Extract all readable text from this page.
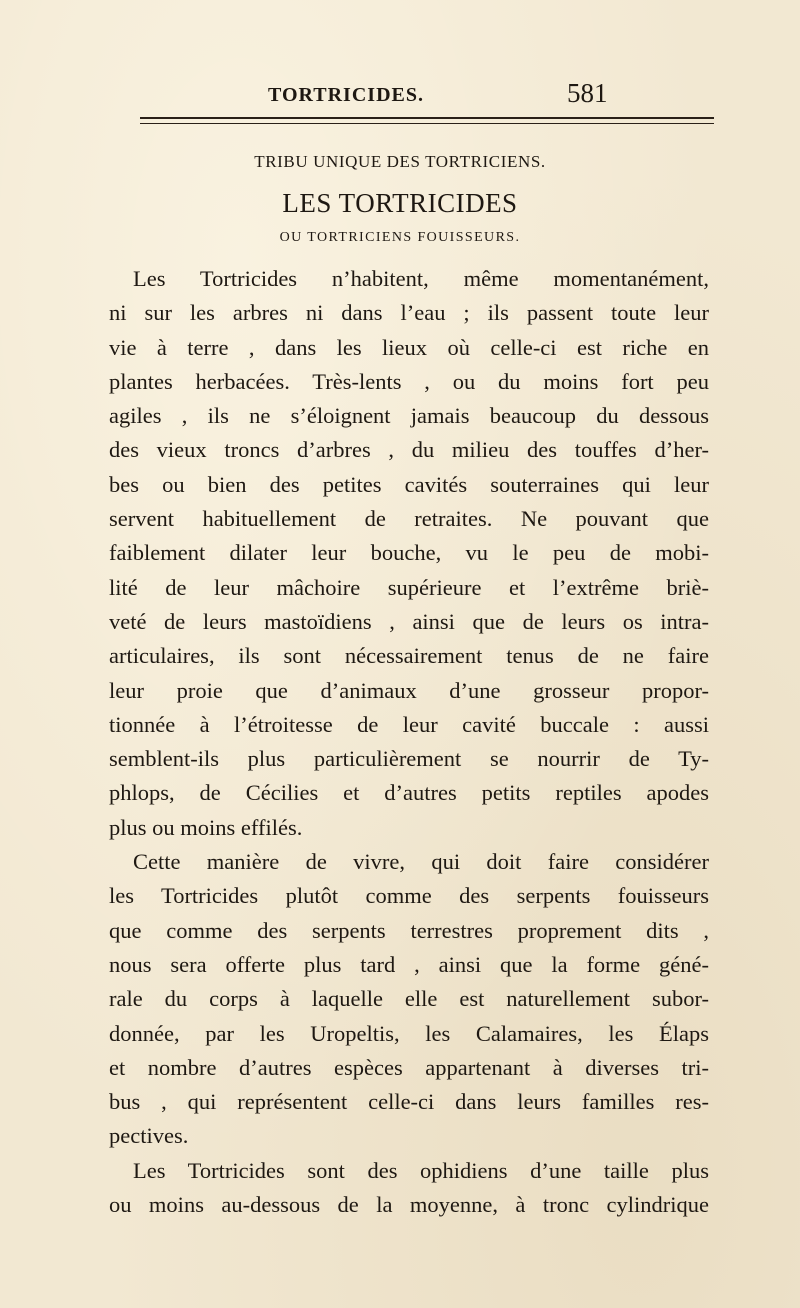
TORTRICIDES.	581
TRIBU UNIQUE DES TORTRICIENS.
LES TORTRICIDES
OU TORTRICIENS FOUISSEURS.
Les Tortricides n’habitent, même momentanément,
ni sur les arbres ni dans l’eau ; ils passent toute leur
vie à terre , dans les lieux où celle-ci est riche en
plantes herbacées. Très-lents , ou du moins fort peu
agiles , ils ne s’éloignent jamais beaucoup du dessous
des vieux troncs d’arbres , du milieu des touffes d’her-
bes ou bien des petites cavités souterraines qui leur
servent habituellement de retraites. Ne pouvant que
faiblement dilater leur bouche, vu le peu de mobi-
lité de leur mâchoire supérieure et l’extrême briè-
veté de leurs mastoïdiens , ainsi que de leurs os intra-
articulaires, ils sont nécessairement tenus de ne faire
leur proie que d’animaux d’une grosseur propor-
tionnée à l’étroitesse de leur cavité buccale : aussi
semblent-ils plus particulièrement se nourrir de Ty-
phlops, de Cécilies et d’autres petits reptiles apodes
plus ou moins effilés.
Cette manière de vivre, qui doit faire considérer
les Tortricides plutôt comme des serpents fouisseurs
que comme des serpents terrestres proprement dits ,
nous sera offerte plus tard , ainsi que la forme géné-
rale du corps à laquelle elle est naturellement subor-
donnée, par les Uropeltis, les Calamaires, les Élaps
et nombre d’autres espèces appartenant à diverses tri-
bus , qui représentent celle-ci dans leurs familles res-
pectives.
Les Tortricides sont des ophidiens d’une taille plus
ou moins au-dessous de la moyenne, à tronc cylindrique
